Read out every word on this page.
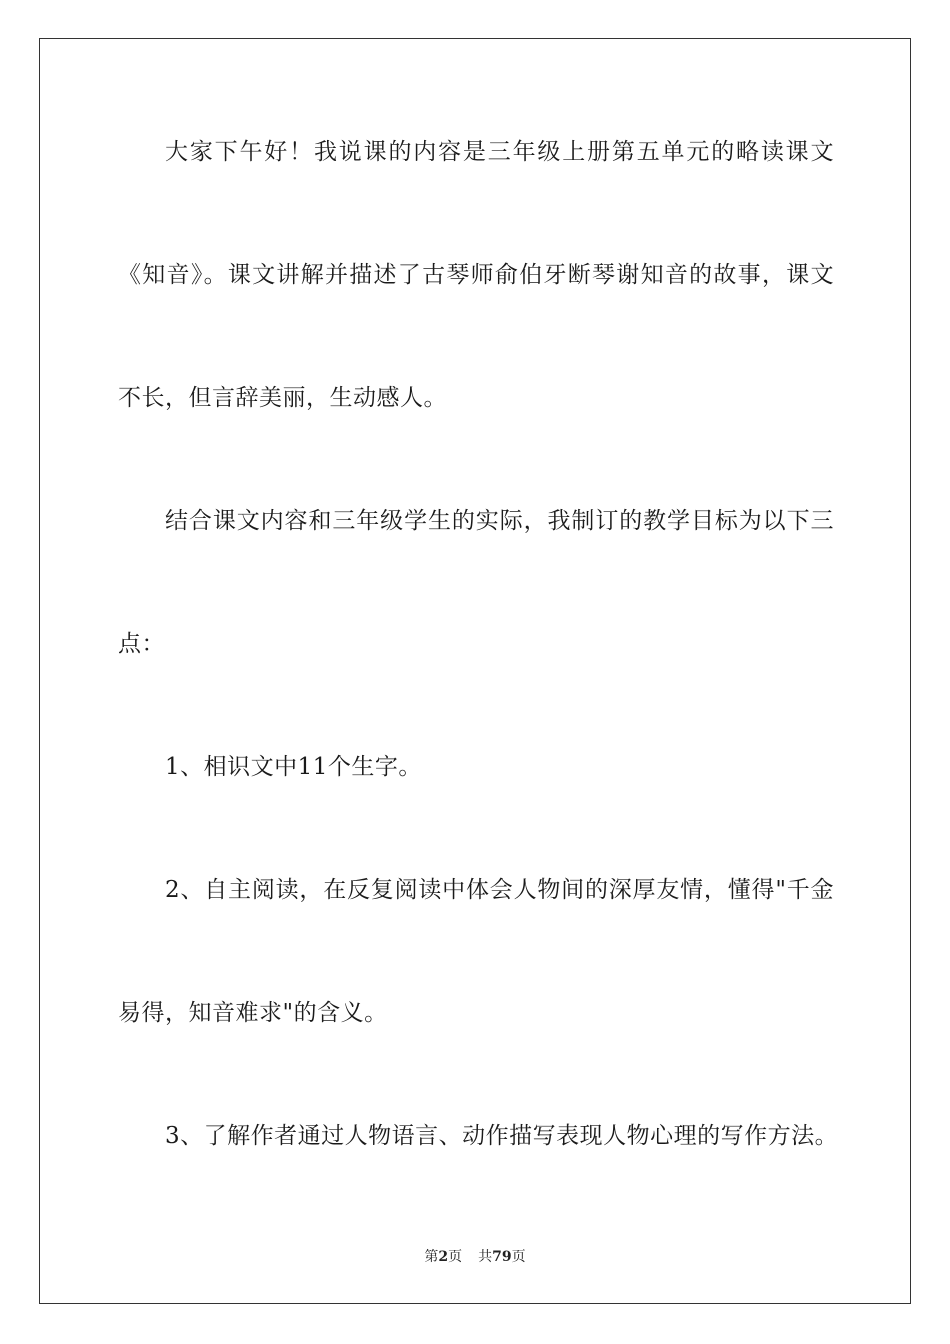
大家下午好！我说课的内容是三年级上册第五单元的略读课文
《知音》。课文讲解并描述了古琴师俞伯牙断琴谢知音的故事，课文
不长，但言辞美丽，生动感人。
结合课文内容和三年级学生的实际，我制订的教学目标为以下三
点：
1、相识文中11个生字。
2、自主阅读，在反复阅读中体会人物间的深厚友情，懂得"千金
易得，知音难求"的含义。
3、了解作者通过人物语言、动作描写表现人物心理的写作方法。
第2页 共79页
